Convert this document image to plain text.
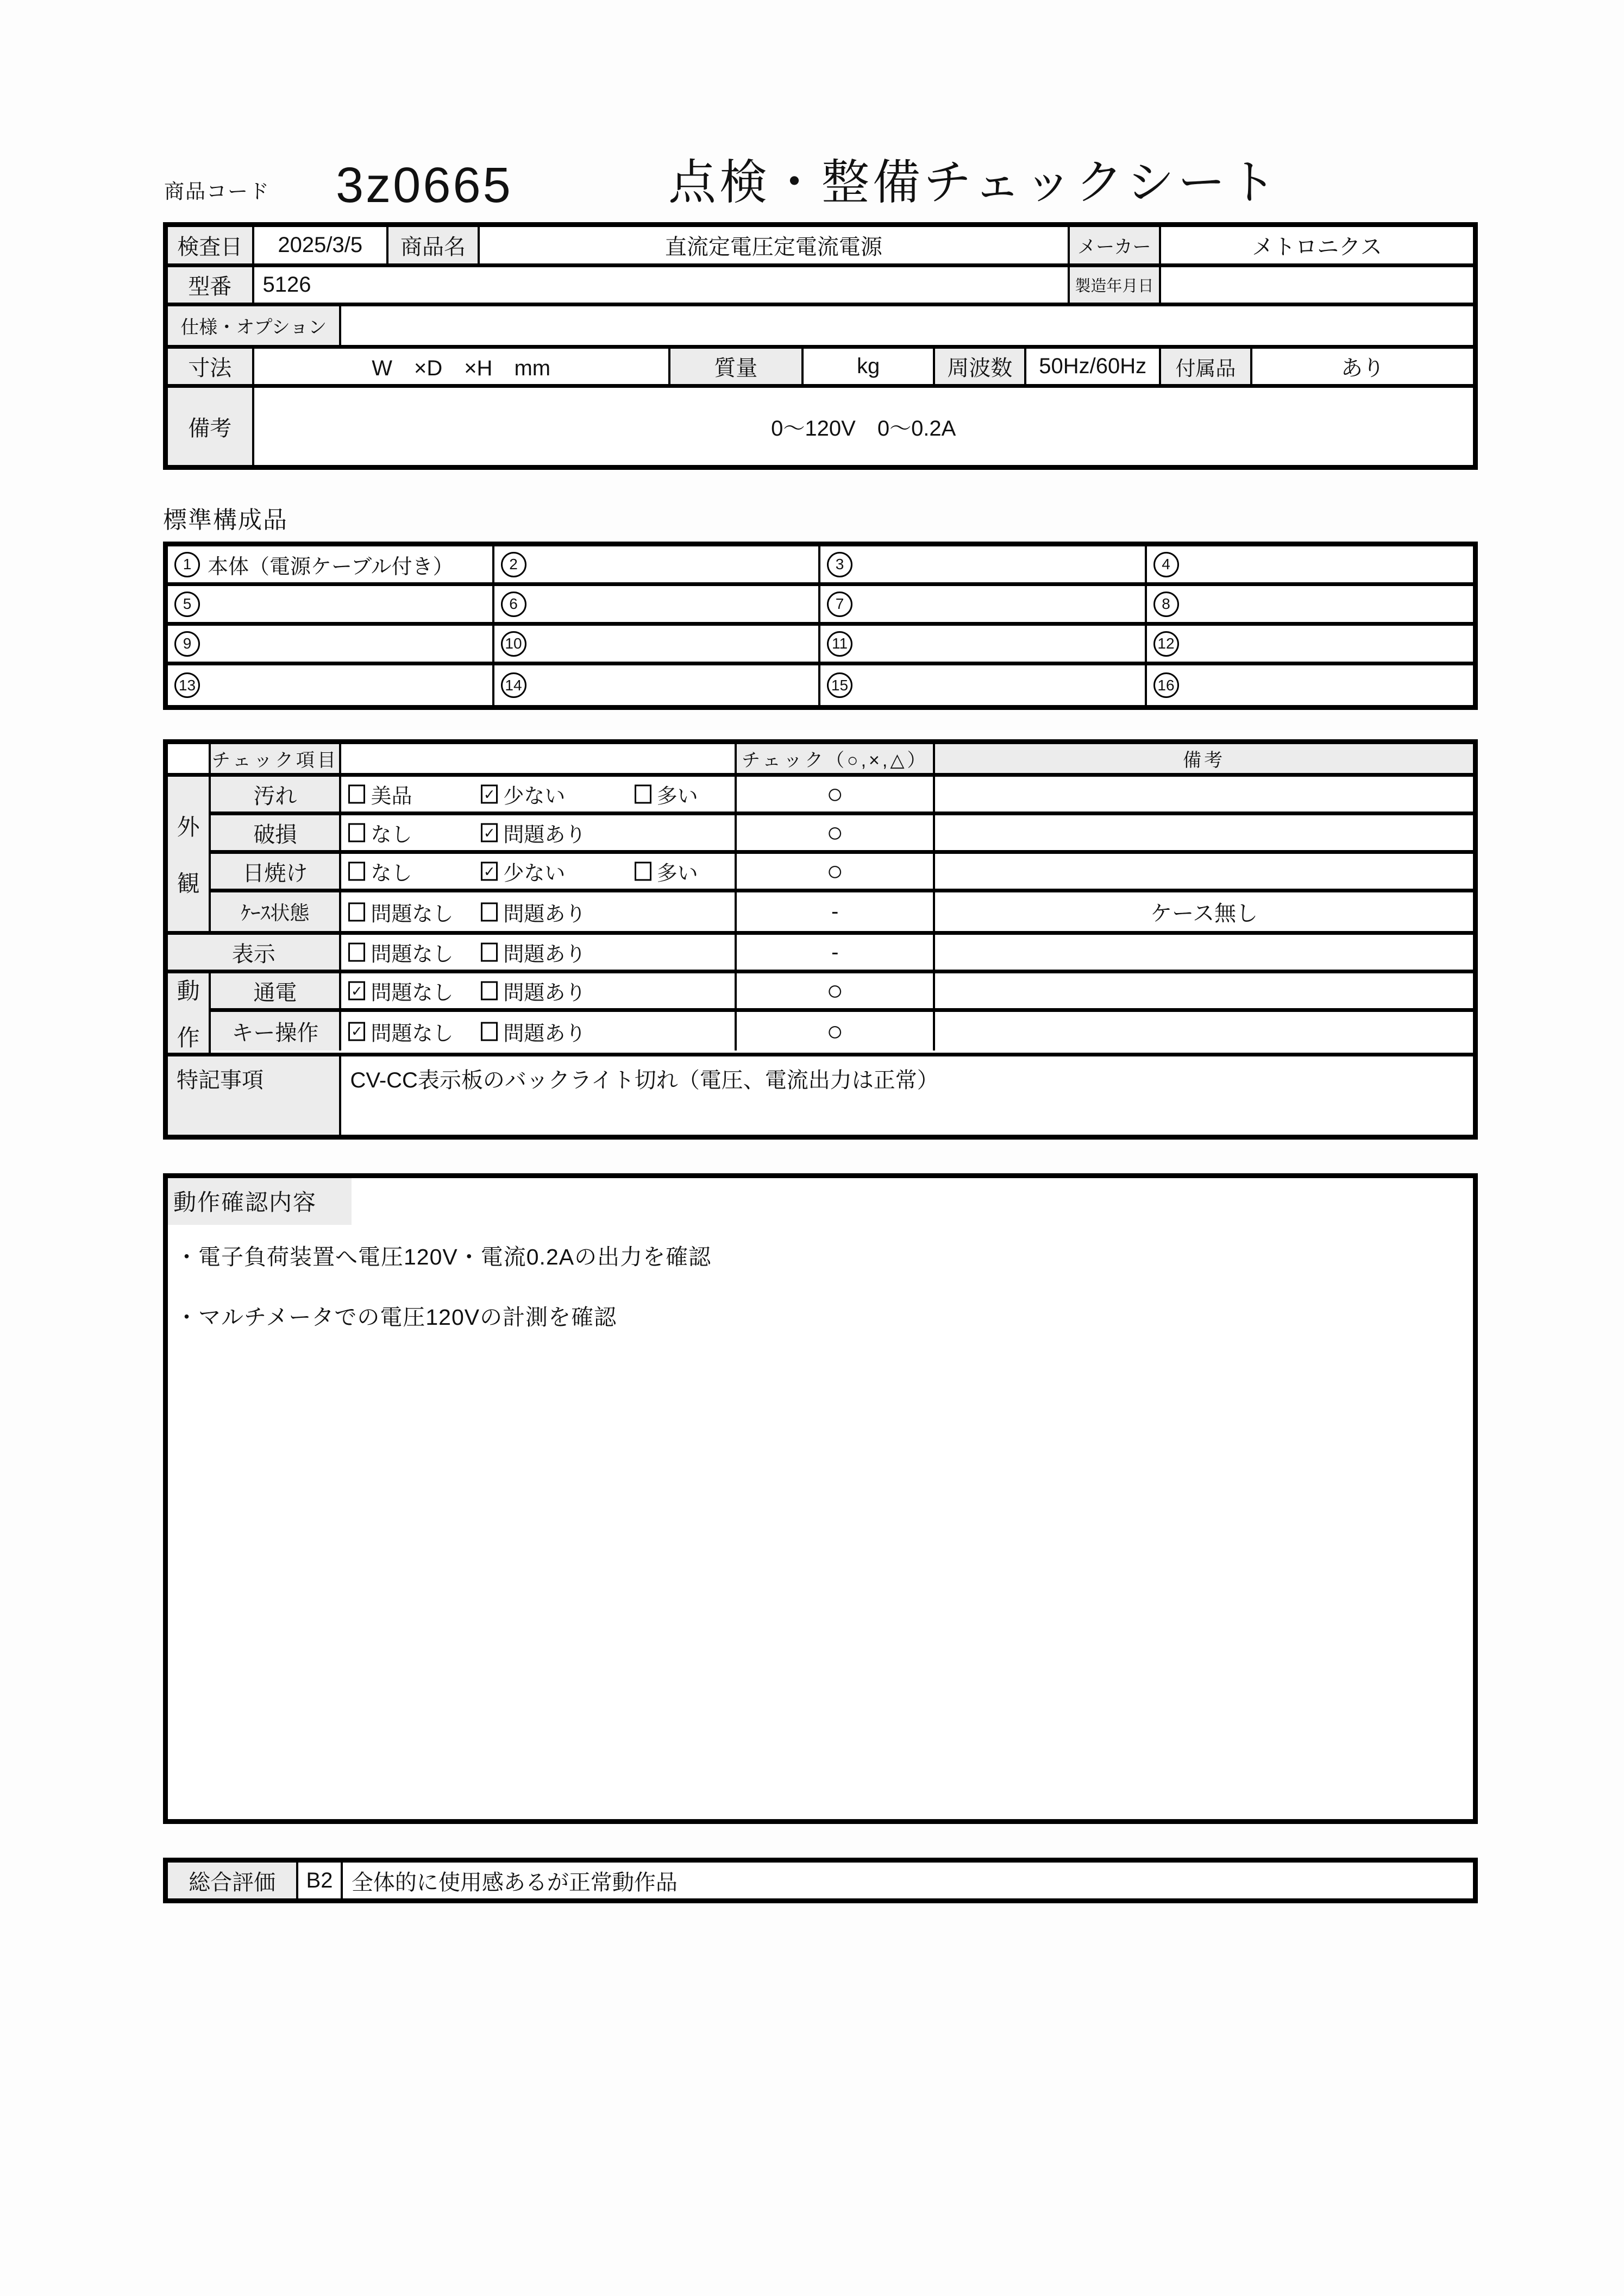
商品コード 3z0665	点検・整備チェックシート
検査日	2025/3/5	商品名	直流定電圧定電流電源	メーカー	メトロニクス
型番	5126	製造年月日
仕様・オプション
寸法	W　×D　×H　mm	質量	kg	周波数	50Hz/60Hz	付属品	あり
備考	0～120V　0～0.2A
標準構成品
1 本体（電源ケーブル付き）	2	3	4
5	6	7	8
9	10	11	12
13	14	15	16
チェック項目	チェック（○,×,△）	備考
外
観
汚れ	美品	✓ 少ない	多い	○
破損	なし	✓ 問題あり	○
日焼け	なし	✓ 少ない	多い	○
ｹｰｽ状態	問題なし 問題あり	-	ケース無し
表示	問題なし 問題あり	-
動
作
通電	✓ 問題なし 問題あり	○
キー操作	✓ 問題なし 問題あり	○
特記事項	CV-CC表示板のバックライト切れ（電圧、電流出力は正常）
動作確認内容
・電子負荷装置へ電圧120V・電流0.2Aの出力を確認
・マルチメータでの電圧120Vの計測を確認
総合評価	B2 全体的に使用感あるが正常動作品
